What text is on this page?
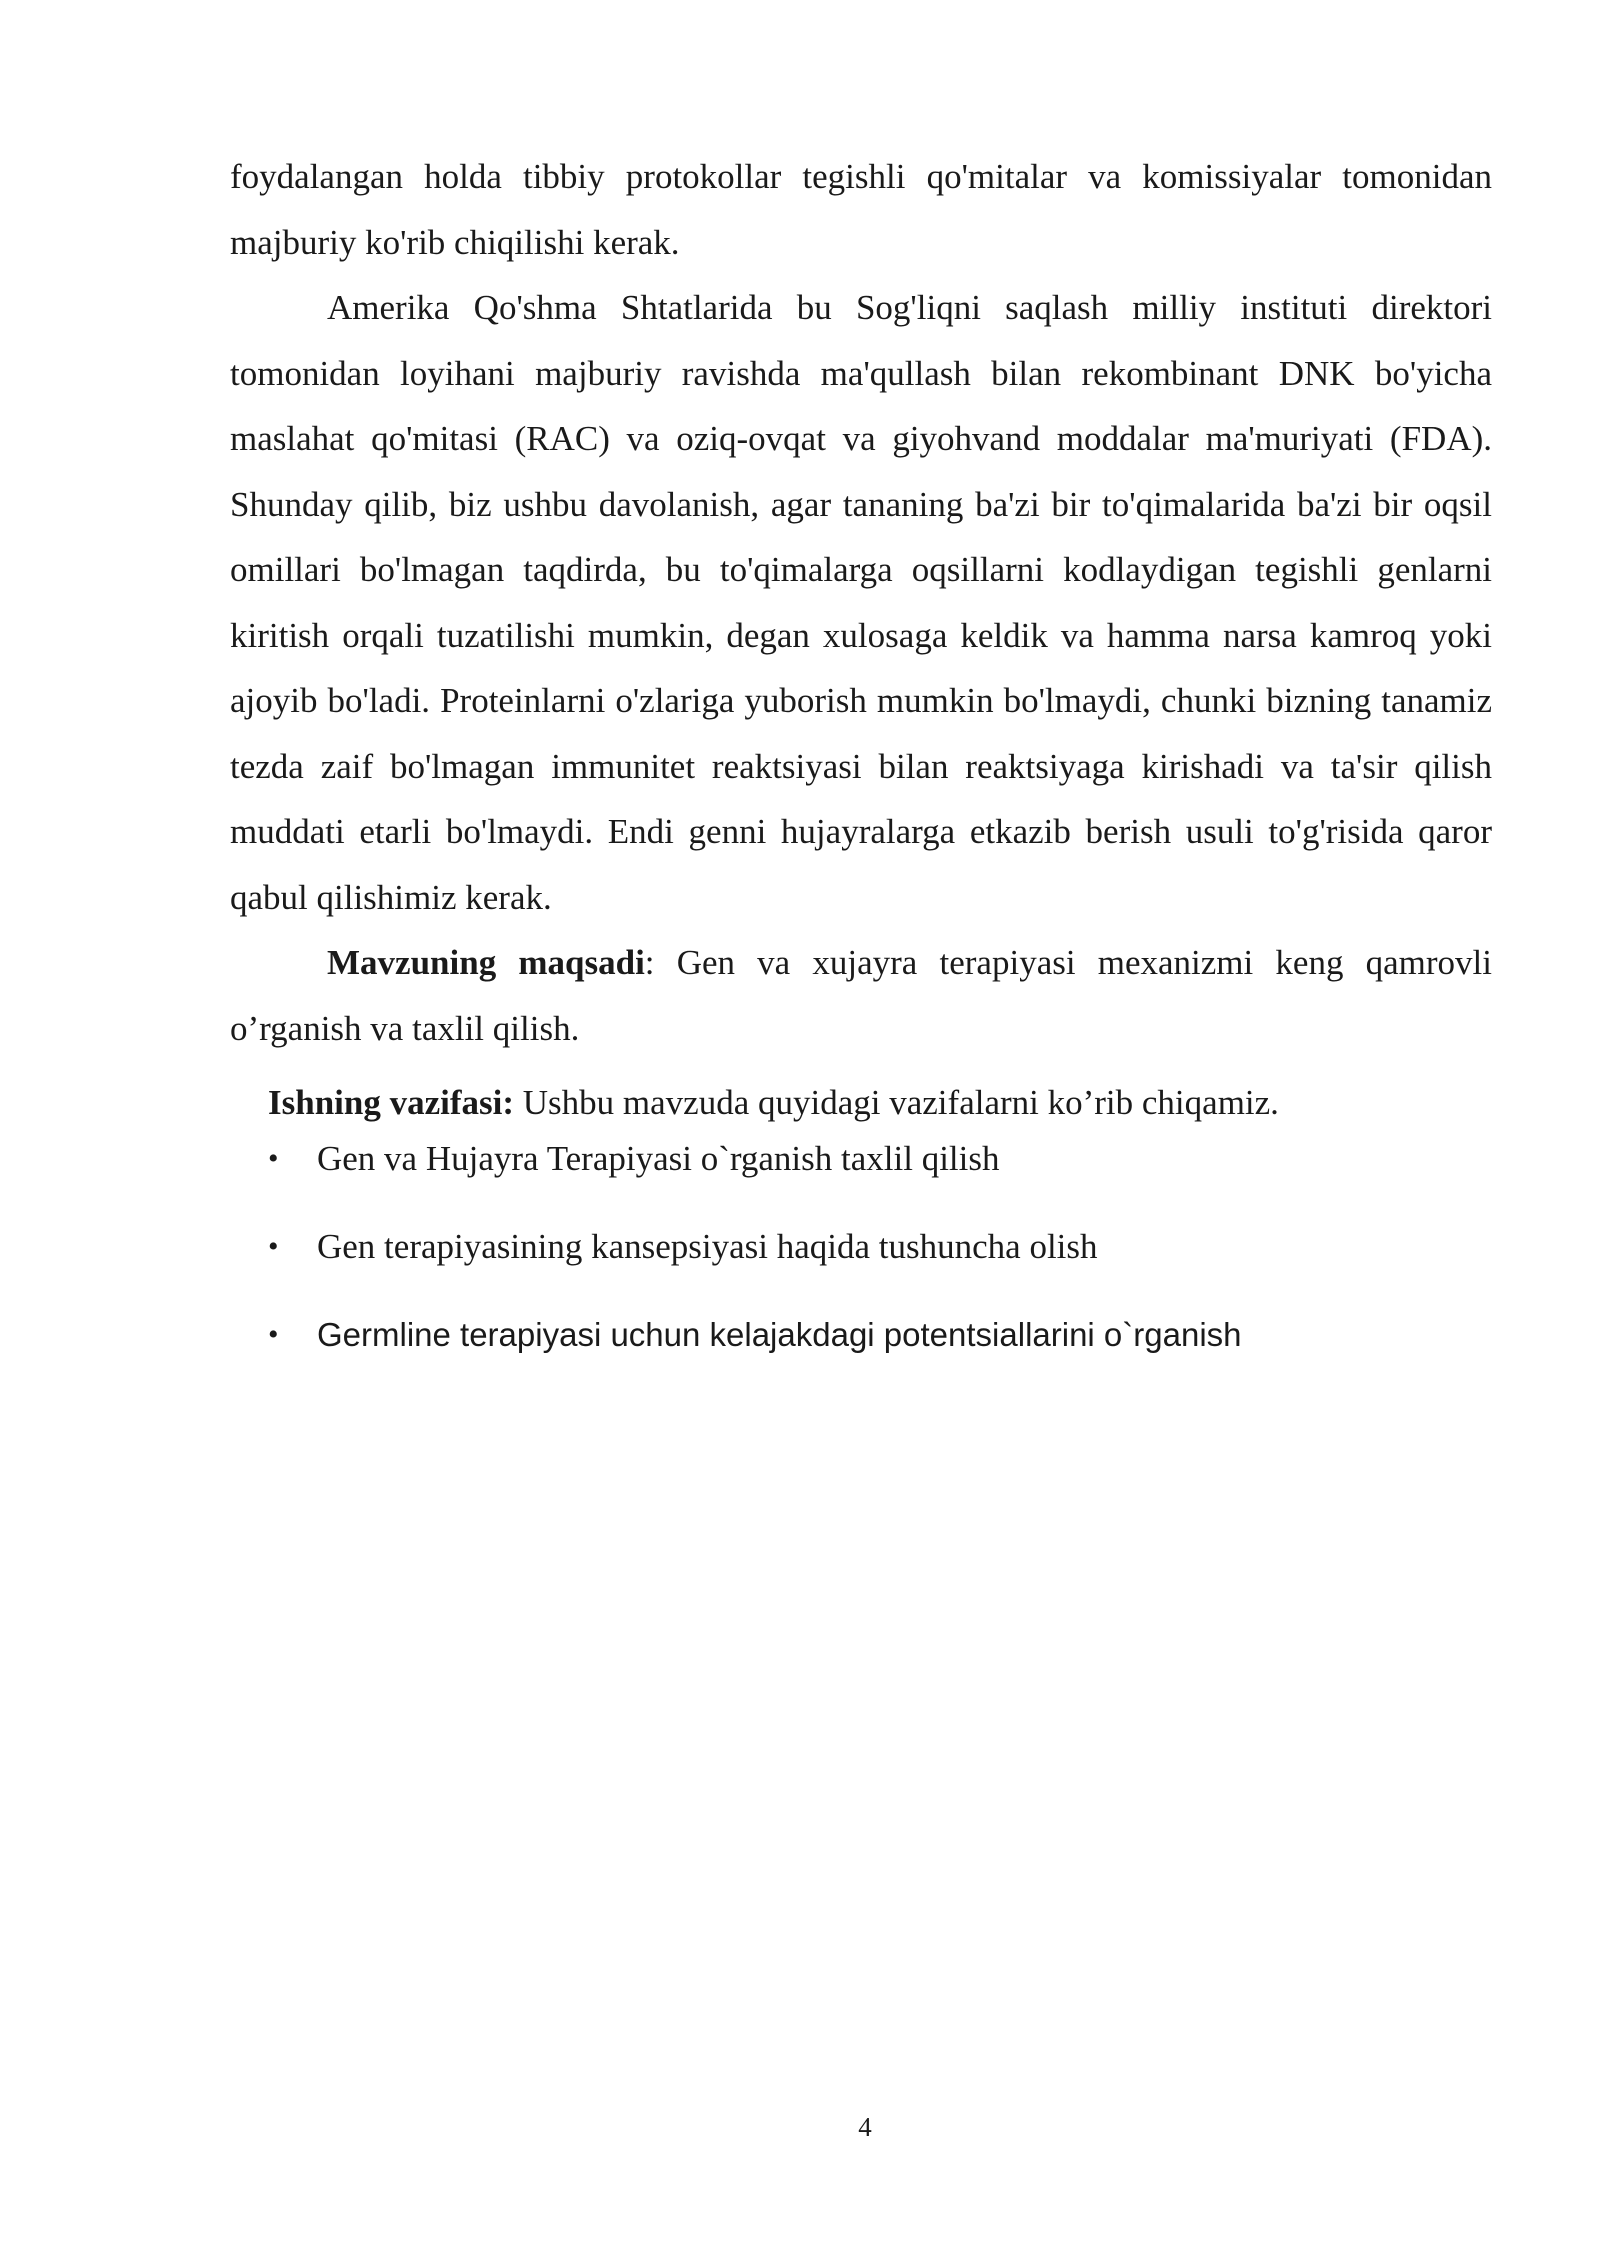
foydalangan holda tibbiy protokollar tegishli qo'mitalar va komissiyalar tomonidan majburiy ko'rib chiqilishi kerak.

Amerika Qo'shma Shtatlarida bu Sog'liqni saqlash milliy instituti direktori tomonidan loyihani majburiy ravishda ma'qullash bilan rekombinant DNK bo'yicha maslahat qo'mitasi (RAC) va oziq-ovqat va giyohvand moddalar ma'muriyati (FDA). Shunday qilib, biz ushbu davolanish, agar tananing ba'zi bir to'qimalarida ba'zi bir oqsil omillari bo'lmagan taqdirda, bu to'qimalarga oqsillarni kodlaydigan tegishli genlarni kiritish orqali tuzatilishi mumkin, degan xulosaga keldik va hamma narsa kamroq yoki ajoyib bo'ladi. Proteinlarni o'zlariga yuborish mumkin bo'lmaydi, chunki bizning tanamiz tezda zaif bo'lmagan immunitet reaktsiyasi bilan reaktsiyaga kirishadi va ta'sir qilish muddati etarli bo'lmaydi. Endi genni hujayralarga etkazib berish usuli to'g'risida qaror qabul qilishimiz kerak.

Mavzuning maqsadi: Gen va xujayra terapiyasi mexanizmi keng qamrovli o’rganish va taxlil qilish.

Ishning vazifasi: Ushbu mavzuda quyidagi vazifalarni ko’rib chiqamiz.

• Gen va Hujayra Terapiyasi o`rganish taxlil qilish
• Gen terapiyasining kansepsiyasi haqida tushuncha olish
• Germline terapiyasi uchun kelajakdagi potentsiallarini o`rganish
4
